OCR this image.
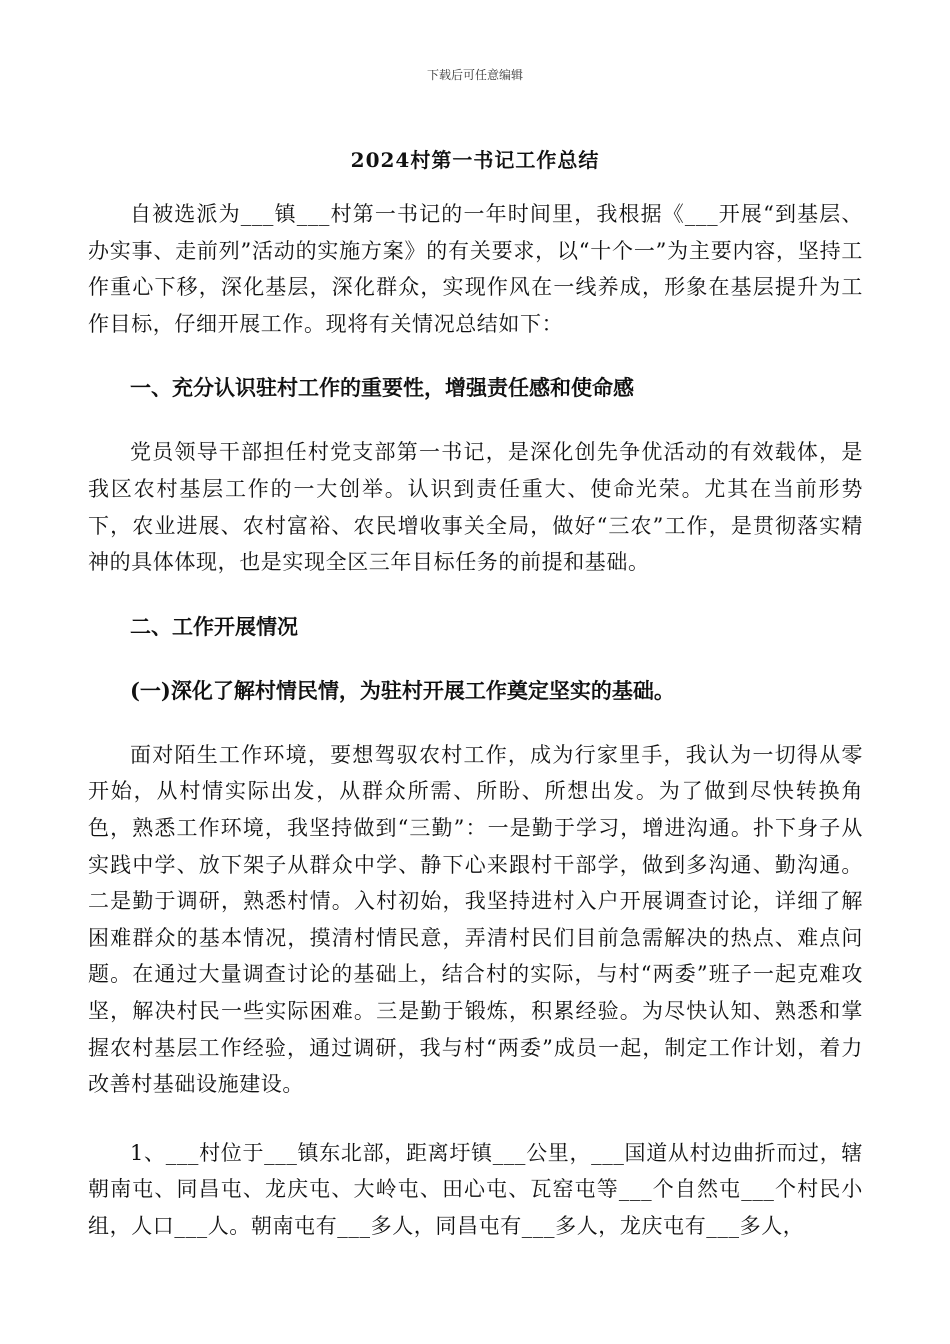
下载后可任意编辑
2024村第一书记工作总结

自被选派为___镇___村第一书记的一年时间里，我根据《___开展“到基层、办实事、走前列”活动的实施方案》的有关要求，以“十个一”为主要内容，坚持工作重心下移，深化基层，深化群众，实现作风在一线养成，形象在基层提升为工作目标，仔细开展工作。现将有关情况总结如下：

一、充分认识驻村工作的重要性，增强责任感和使命感

党员领导干部担任村党支部第一书记，是深化创先争优活动的有效载体，是我区农村基层工作的一大创举。认识到责任重大、使命光荣。尤其在当前形势下，农业进展、农村富裕、农民增收事关全局，做好“三农”工作，是贯彻落实精神的具体体现，也是实现全区三年目标任务的前提和基础。

二、工作开展情况

(一)深化了解村情民情，为驻村开展工作奠定坚实的基础。

面对陌生工作环境，要想驾驭农村工作，成为行家里手，我认为一切得从零开始，从村情实际出发，从群众所需、所盼、所想出发。为了做到尽快转换角色，熟悉工作环境，我坚持做到“三勤”：一是勤于学习，增进沟通。扑下身子从实践中学、放下架子从群众中学、静下心来跟村干部学，做到多沟通、勤沟通。二是勤于调研，熟悉村情。入村初始，我坚持进村入户开展调查讨论，详细了解困难群众的基本情况，摸清村情民意，弄清村民们目前急需解决的热点、难点问题。在通过大量调查讨论的基础上，结合村的实际，与村“两委”班子一起克难攻坚，解决村民一些实际困难。三是勤于锻炼，积累经验。为尽快认知、熟悉和掌握农村基层工作经验，通过调研，我与村“两委”成员一起，制定工作计划，着力改善村基础设施建设。

1、___村位于___镇东北部，距离圩镇___公里，___国道从村边曲折而过，辖朝南屯、同昌屯、龙庆屯、大岭屯、田心屯、瓦窑屯等___个自然屯___个村民小组，人口___人。朝南屯有___多人，同昌屯有___多人，龙庆屯有___多人，
